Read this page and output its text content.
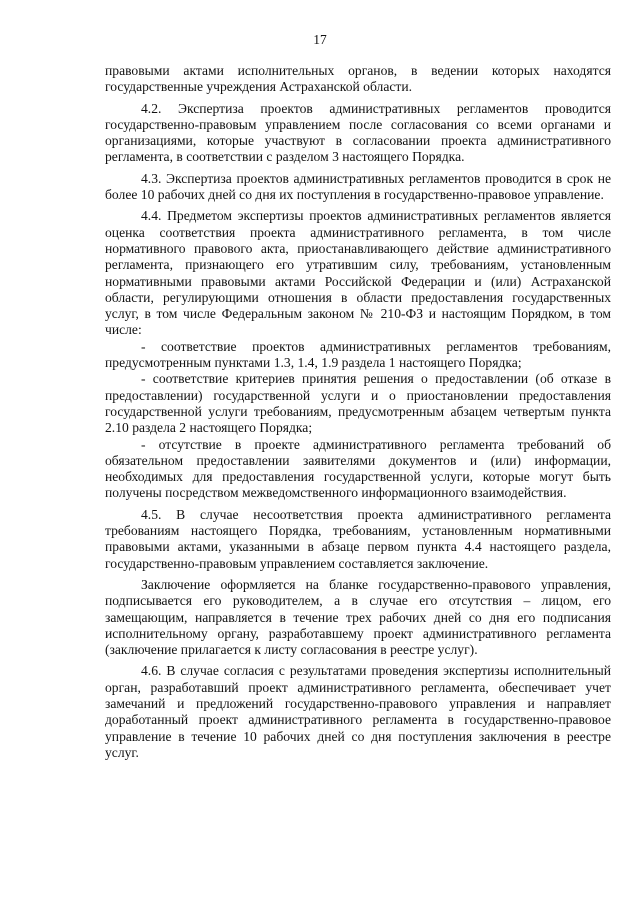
17

правовыми актами исполнительных органов, в ведении которых находятся государственные учреждения Астраханской области.

4.2. Экспертиза проектов административных регламентов проводится государственно-правовым управлением после согласования со всеми органами и организациями, которые участвуют в согласовании проекта административного регламента, в соответствии с разделом 3 настоящего Порядка.

4.3. Экспертиза проектов административных регламентов проводится в срок не более 10 рабочих дней со дня их поступления в государственно-правовое управление.

4.4. Предметом экспертизы проектов административных регламентов является оценка соответствия проекта административного регламента, в том числе нормативного правового акта, приостанавливающего действие административного регламента, признающего его утратившим силу, требованиям, установленным нормативными правовыми актами Российской Федерации и (или) Астраханской области, регулирующими отношения в области предоставления государственных услуг, в том числе Федеральным законом № 210-ФЗ и настоящим Порядком, в том числе:

- соответствие проектов административных регламентов требованиям, предусмотренным пунктами 1.3, 1.4, 1.9 раздела 1 настоящего Порядка;

- соответствие критериев принятия решения о предоставлении (об отказе в предоставлении) государственной услуги и о приостановлении предоставления государственной услуги требованиям, предусмотренным абзацем четвертым пункта 2.10 раздела 2 настоящего Порядка;

- отсутствие в проекте административного регламента требований об обязательном предоставлении заявителями документов и (или) информации, необходимых для предоставления государственной услуги, которые могут быть получены посредством межведомственного информационного взаимодействия.

4.5. В случае несоответствия проекта административного регламента требованиям настоящего Порядка, требованиям, установленным нормативными правовыми актами, указанными в абзаце первом пункта 4.4 настоящего раздела, государственно-правовым управлением составляется заключение.

Заключение оформляется на бланке государственно-правового управления, подписывается его руководителем, а в случае его отсутствия – лицом, его замещающим, направляется в течение трех рабочих дней со дня его подписания исполнительному органу, разработавшему проект административного регламента (заключение прилагается к листу согласования в реестре услуг).

4.6. В случае согласия с результатами проведения экспертизы исполнительный орган, разработавший проект административного регламента, обеспечивает учет замечаний и предложений государственно-правового управления и направляет доработанный проект административного регламента в государственно-правовое управление в течение 10 рабочих дней со дня поступления заключения в реестре услуг.
